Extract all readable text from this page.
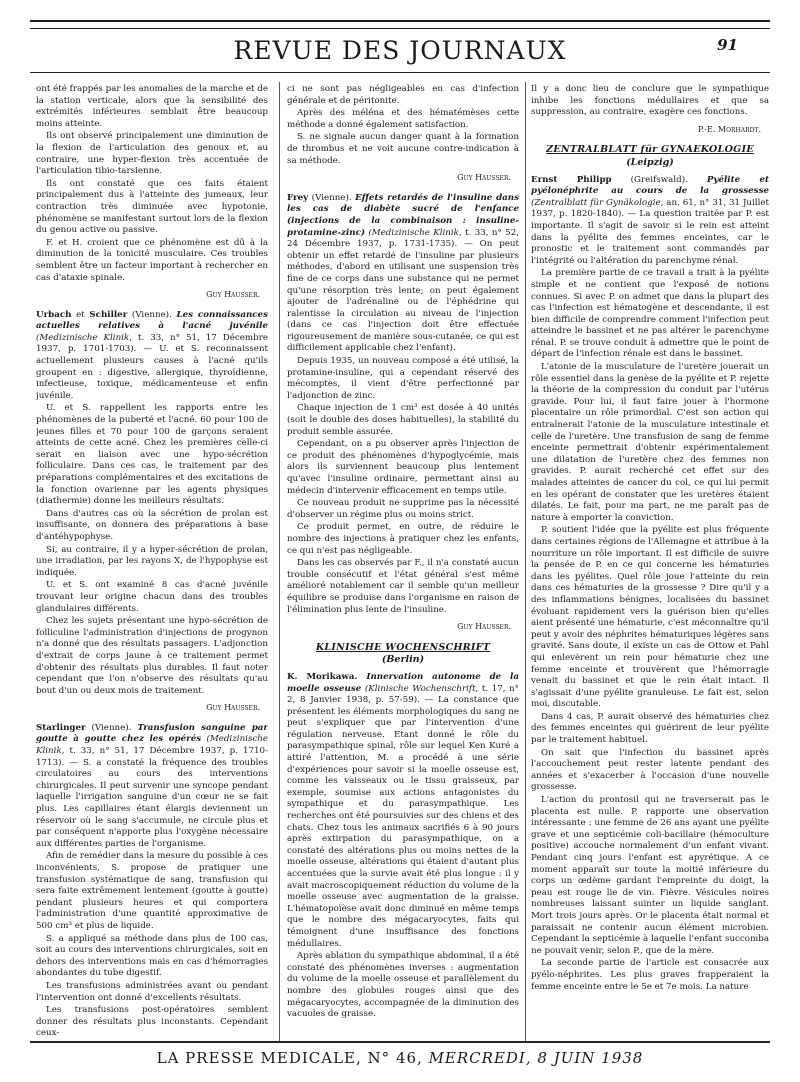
REVUE DES JOURNAUX	91

ont été frappés par les anomalies de la marche et de la station verticale, alors que la sensibilité des extrémités inférieures semblait être beaucoup moins atteinte.

Ils ont observé principalement une diminution de la flexion de l'articulation des genoux et, au contraire, une hyper-flexion très accentuée de l'articulation tibio-tarsienne.

Ils ont constaté que ces faits étaient principalement dus à l'atteinte des jumeaux, leur contraction très diminuée avec hypotonie, phénomène se manifestant surtout lors de la flexion du genou active ou passive.

F. et H. croient que ce phénomène est dû à la diminution de la tonicité musculaire. Ces troubles semblent être un facteur important à rechercher en cas d'ataxie spinale.

Guy Hausser.

Urbach et Schiller (Vienne). Les connaissances actuelles relatives à l'acné juvénile (Medizinische Klinik, t. 33, n° 51, 17 Décembre 1937, p. 1701-1703). — U. et S. reconnaissent actuellement plusieurs causes à l'acné qu'ils groupent en : digestive, allergique, thyroïdienne, infectieuse, toxique, médicamenteuse et enfin juvénile.

U. et S. rappellent les rapports entre les phénomènes de la puberté et l'acné. 60 pour 100 de jeunes filles et 70 pour 100 de garçons seraient atteints de cette acné. Chez les premières celle-ci serait en liaison avec une hypo-sécrétion folliculaire. Dans ces cas, le traitement par des préparations complémentaires et des excitations de la fonction ovarienne par les agents physiques (diathermie) donne les meilleurs résultats.

Dans d'autres cas où la sécrétion de prolan est insuffisante, on donnera des préparations à base d'antéhypophyse.

Si, au contraire, il y a hyper-sécrétion de prolan, une irradiation, par les rayons X, de l'hypophyse est indiquée.

U. et S. ont examiné 8 cas d'acné juvénile trouvant leur origine chacun dans des troubles glandulaires différents.

Chez les sujets présentant une hypo-sécrétion de folliculine l'administration d'injections de progynon n'a donné que des résultats passagers. L'adjonction d'extrait de corps jaune à ce traitement permet d'obtenir des résultats plus durables. Il faut noter cependant que l'on n'observe des résultats qu'au bout d'un ou deux mois de traitement.

Guy Hausser.

Starlinger (Vienne). Transfusion sanguine par goutte à goutte chez les opérés (Medizinische Klinik, t. 33, n° 51, 17 Décembre 1937, p. 1710-1713). — S. a constaté la fréquence des troubles circulatoires au cours des interventions chirurgicales. Il peut survenir une syncope pendant laquelle l'irrigation sanguine d'un cœur ne se fait plus. Les capillaires étant élargis deviennent un réservoir où le sang s'accumule, ne circule plus et par conséquent n'apporte plus l'oxygène nécessaire aux différentes parties de l'organisme.

Afin de remédier dans la mesure du possible à ces inconvénients, S. propose de pratiquer une transfusion systématique de sang, transfusion qui sera faite extrêmement lentement (goutte à goutte) pendant plusieurs heures et qui comportera l'administration d'une quantité approximative de 500 cm³ et plus de liquide.

S. a appliqué sa méthode dans plus de 100 cas, soit au cours des interventions chirurgicales, soit en dehors des interventions mais en cas d'hémorragies abondantes du tube digestif.

Les transfusions administrées avant ou pendant l'intervention ont donné d'excellents résultats.

Les transfusions post-opératoires semblent donner des résultats plus inconstants. Cependant ceux-

ci ne sont pas négligeables en cas d'infection générale et de péritonite.

Après des méléna et des hématémèses cette méthode a donné également satisfaction.

S. ne signale aucun danger quant à la formation de thrombus et ne voit aucune contre-indication à sa méthode.

Guy Hausser.

Frey (Vienne). Effets retardés de l'insuline dans les cas de diabète sucré de l'enfance (injections de la combinaison : insuline-protamine-zinc) (Medizinische Klinik, t. 33, n° 52, 24 Décembre 1937, p. 1731-1735). — On peut obtenir un effet retardé de l'insuline par plusieurs méthodes, d'abord en utilisant une suspension très fine de ce corps dans une substance qui ne permet qu'une résorption très lente; on peut également ajouter de l'adrénaline ou de l'éphédrine qui ralentisse la circulation au niveau de l'injection (dans ce cas l'injection doit être effectuée rigoureusement de manière sous-cutanée, ce qui est difficilement applicable chez l'enfant).

Depuis 1935, un nouveau composé a été utilisé, la protamine-insuline, qui a cependant réservé des mécomptes, il vient d'être perfectionné par l'adjonction de zinc.

Chaque injection de 1 cm³ est dosée à 40 unités (soit le double des doses habituelles), la stabilité du produit semble assurée.

Cependant, on a pu observer après l'injection de ce produit des phénomènes d'hypoglycémie, mais alors ils surviennent beaucoup plus lentement qu'avec l'insuline ordinaire, permettant ainsi au médecin d'intervenir efficacement en temps utile.

Ce nouveau produit ne supprime pas la nécessité d'observer un régime plus ou moins strict.

Ce produit permet, en outre, de réduire le nombre des injections à pratiquer chez les enfants, ce qui n'est pas négligeable.

Dans les cas observés par F., il n'a constaté aucun trouble consécutif et l'état général s'est même amélioré notablement car il semble qu'un meilleur équilibre se produise dans l'organisme en raison de l'élimination plus lente de l'insuline.

Guy Hausser.

KLINISCHE WOCHENSCHRIFT

(Berlin)

K. Morikawa. Innervation autonome de la moelle osseuse (Klinische Wochenschrift, t. 17, n° 2, 8 Janvier 1938, p. 57-59). — La constance que présentent les éléments morphologiques du sang ne peut s'expliquer que par l'intervention d'une régulation nerveuse. Etant donné le rôle du parasympathique spinal, rôle sur lequel Ken Kuré a attiré l'attention, M. a procédé à une série d'expériences pour savoir si la moelle osseuse est, comme les vaisseaux ou le tissu graisseux, par exemple, soumise aux actions antagonistes du sympathique et du parasympathique. Les recherches ont été poursuivies sur des chiens et des chats. Chez tous les animaux sacrifiés 6 à 90 jours après extirpation du parasympathique, on a constaté des altérations plus ou moins nettes de la moelle osseuse, altérations qui étaient d'autant plus accentuées que la survie avait été plus longue : il y avait macroscopiquement réduction du volume de la moelle osseuse avec augmentation de la graisse. L'hématopoïèse avait donc diminué en même temps que le nombre des mégacaryocytes, faits qui témoignent d'une insuffisance des fonctions médullaires.

Après ablation du sympathique abdominal, il a été constaté des phénomènes inverses : augmentation du volume de la moelle osseuse et parallèlement du nombre des globules rouges ainsi que des mégacaryocytes, accompagnée de la diminution des vacuoles de graisse.

Il y a donc lieu de conclure que le sympathique inhibe les fonctions médullaires et que sa suppression, au contraire, exagère ces fonctions.

P.-E. Morhardt.

ZENTRALBLATT für GYNAEKOLOGIE

(Leipzig)

Ernst Philipp (Greifswald). Pyélite et pyélonéphrite au cours de la grossesse (Zentralblatt für Gynäkologie, an. 61, n° 31, 31 Juillet 1937, p. 1820-1840). — La question traitée par P. est importante. Il s'agit de savoir si le rein est atteint dans la pyélite des femmes enceintes, car le pronostic et le traitement sont commandés par l'intégrité ou l'altération du parenchyme rénal.

La première partie de ce travail a trait à la pyélite simple et ne contient que l'exposé de notions connues. Si avec P. on admet que dans la plupart des cas l'infection est hématogène et descendante, il est bien difficile de comprendre comment l'infection peut atteindre le bassinet et ne pas altérer le parenchyme rénal. P. se trouve conduit à admettre que le point de départ de l'infection rénale est dans le bassinet.

L'atonie de la musculature de l'uretère jouerait un rôle essentiel dans la genèse de la pyélite et P. rejette la théorie de la compression du conduit par l'utérus gravide. Pour lui, il faut faire jouer à l'hormone placentaire un rôle primordial. C'est son action qui entraînerait l'atonie de la musculature intestinale et celle de l'uretère. Une transfusion de sang de femme enceinte permettrait d'obtenir expérimentalement une dilatation de l'uretère chez des femmes non gravides. P. aurait recherché cet effet sur des malades atteintes de cancer du col, ce qui lui permit en les opérant de constater que les uretères étaient dilatés. Le fait, pour ma part, ne me paraît pas de nature à emporter la conviction.

P. soutient l'idée que la pyélite est plus fréquente dans certaines régions de l'Allemagne et attribue à la nourriture un rôle important. Il est difficile de suivre la pensée de P. en ce qui concerne les hématuries dans les pyélites. Quel rôle joue l'atteinte du rein dans ces hématuries de la grossesse ? Dire qu'il y a des inflammations bénignes, localisées du bassinet évoluant rapidement vers la guérison bien qu'elles aient présenté une hématurie, c'est méconnaître qu'il peut y avoir des néphrites hématuriques légères sans gravité. Sans doute, il existe un cas de Ottow et Pahl qui enlevèrent un rein pour hématurie chez une femme enceinte et trouvèrent que l'hémorragie venait du bassinet et que le rein était intact. Il s'agissait d'une pyélite granuleuse. Le fait est, selon moi, discutable.

Dans 4 cas, P. aurait observé des hématuries chez des femmes enceintes qui guérirent de leur pyélite par le traitement habituel.

On sait que l'infection du bassinet après l'accouchement peut rester latente pendant des années et s'exacerber à l'occasion d'une nouvelle grossesse.

L'action du prontosil qui ne traverserait pas le placenta est nulle. P. rapporte une observation intéressante : une femme de 26 ans ayant une pyélite grave et une septicémie coli-bacillaire (hémoculture positive) accouche normalement d'un enfant vivant. Pendant cinq jours l'enfant est apyrétique. A ce moment apparaît sur toute la moitié inférieure du corps un œdème gardant l'empreinte du doigt, la peau est rouge lie de vin. Fièvre. Vésicules noires nombreuses laissant suinter un liquide sanglant. Mort trois jours après. Or le placenta était normal et paraissait ne contenir aucun élément microbien. Cependant la septicémie à laquelle l'enfant succomba ne pouvait venir, selon P., que de la mère.

La seconde partie de l'article est consacrée aux pyélo-néphrites. Les plus graves frapperaient la femme enceinte entre le 5e et 7e mois. La nature

LA PRESSE MEDICALE, N° 46, MERCREDI, 8 JUIN 1938
